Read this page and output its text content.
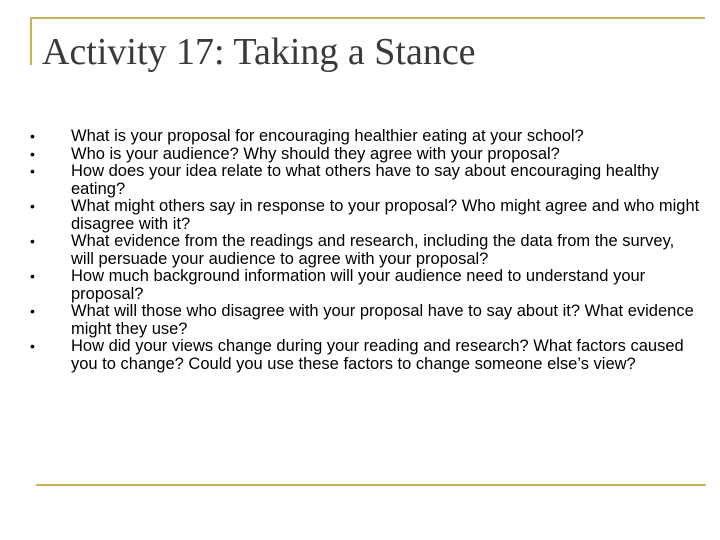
Activity 17: Taking a Stance
•	What is your proposal for encouraging healthier eating at your school?
•	Who is your audience? Why should they agree with your proposal?
•	How does your idea relate to what others have to say about encouraging healthy eating?
•	What might others say in response to your proposal? Who might agree and who might disagree with it?
•	What evidence from the readings and research, including the data from the survey, will persuade your audience to agree with your proposal?
•	How much background information will your audience need to understand your proposal?
•	What will those who disagree with your proposal have to say about it? What evidence might they use?
•	How did your views change during your reading and research? What factors caused you to change? Could you use these factors to change someone else’s view?
